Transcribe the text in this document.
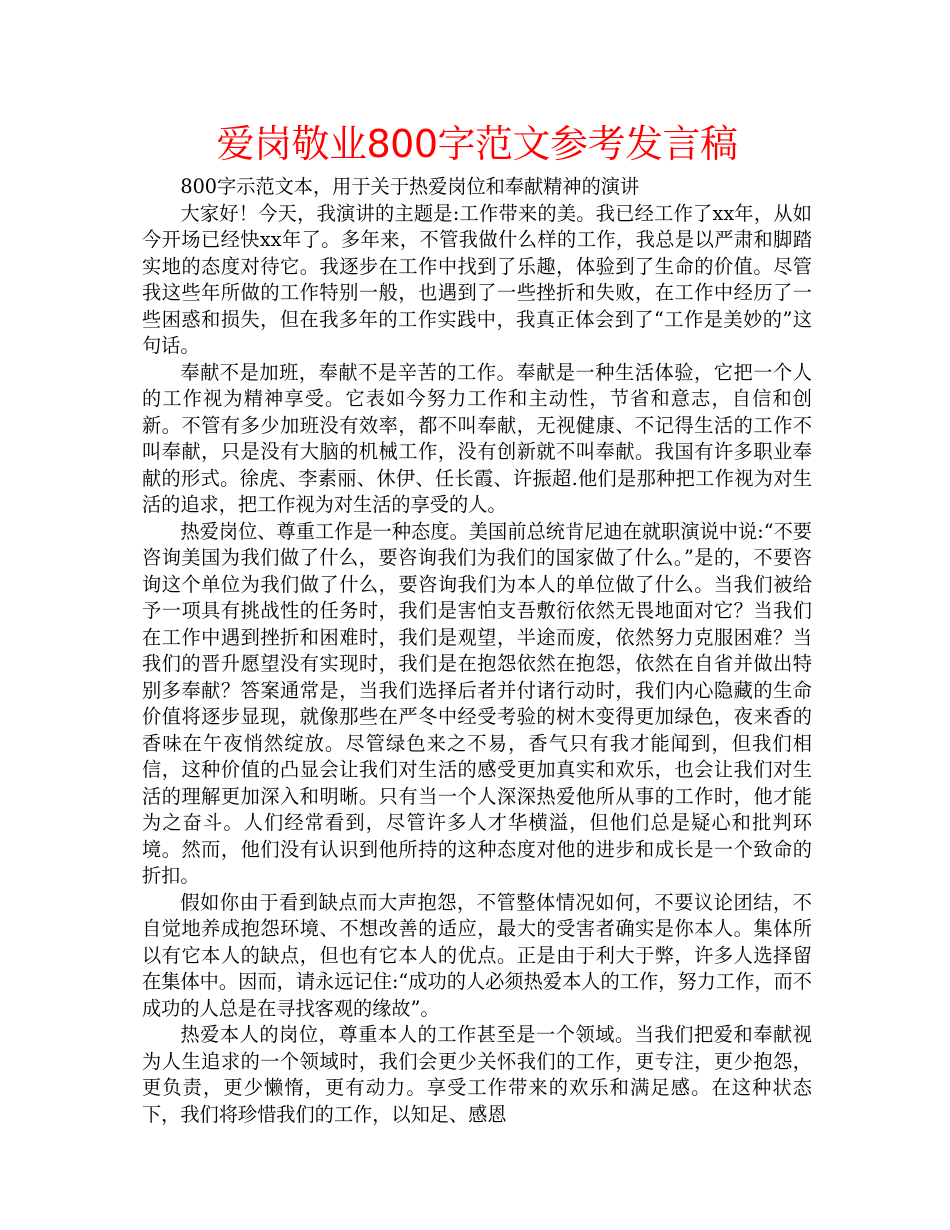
爱岗敬业800字范文参考发言稿

800字示范文本，用于关于热爱岗位和奉献精神的演讲

大家好！今天，我演讲的主题是:工作带来的美。我已经工作了xx年，从如今开场已经快xx年了。多年来，不管我做什么样的工作，我总是以严肃和脚踏实地的态度对待它。我逐步在工作中找到了乐趣，体验到了生命的价值。尽管我这些年所做的工作特别一般，也遇到了一些挫折和失败，在工作中经历了一些困惑和损失，但在我多年的工作实践中，我真正体会到了“工作是美妙的”这句话。

奉献不是加班，奉献不是辛苦的工作。奉献是一种生活体验，它把一个人的工作视为精神享受。它表如今努力工作和主动性，节省和意志，自信和创新。不管有多少加班没有效率，都不叫奉献，无视健康、不记得生活的工作不叫奉献，只是没有大脑的机械工作，没有创新就不叫奉献。我国有许多职业奉献的形式。徐虎、李素丽、休伊、任长霞、许振超.他们是那种把工作视为对生活的追求，把工作视为对生活的享受的人。

热爱岗位、尊重工作是一种态度。美国前总统肯尼迪在就职演说中说:“不要咨询美国为我们做了什么，要咨询我们为我们的国家做了什么。”是的，不要咨询这个单位为我们做了什么，要咨询我们为本人的单位做了什么。当我们被给予一项具有挑战性的任务时，我们是害怕支吾敷衍依然无畏地面对它？当我们在工作中遇到挫折和困难时，我们是观望，半途而废，依然努力克服困难？当我们的晋升愿望没有实现时，我们是在抱怨依然在抱怨，依然在自省并做出特别多奉献？答案通常是，当我们选择后者并付诸行动时，我们内心隐藏的生命价值将逐步显现，就像那些在严冬中经受考验的树木变得更加绿色，夜来香的香味在午夜悄然绽放。尽管绿色来之不易，香气只有我才能闻到，但我们相信，这种价值的凸显会让我们对生活的感受更加真实和欢乐，也会让我们对生活的理解更加深入和明晰。只有当一个人深深热爱他所从事的工作时，他才能为之奋斗。人们经常看到，尽管许多人才华横溢，但他们总是疑心和批判环境。然而，他们没有认识到他所持的这种态度对他的进步和成长是一个致命的折扣。

假如你由于看到缺点而大声抱怨，不管整体情况如何，不要议论团结，不自觉地养成抱怨环境、不想改善的适应，最大的受害者确实是你本人。集体所以有它本人的缺点，但也有它本人的优点。正是由于利大于弊，许多人选择留在集体中。因而，请永远记住:“成功的人必须热爱本人的工作，努力工作，而不成功的人总是在寻找客观的缘故”。

热爱本人的岗位，尊重本人的工作甚至是一个领域。当我们把爱和奉献视为人生追求的一个领域时，我们会更少关怀我们的工作，更专注，更少抱怨，更负责，更少懒惰，更有动力。享受工作带来的欢乐和满足感。在这种状态下，我们将珍惜我们的工作，以知足、感恩
